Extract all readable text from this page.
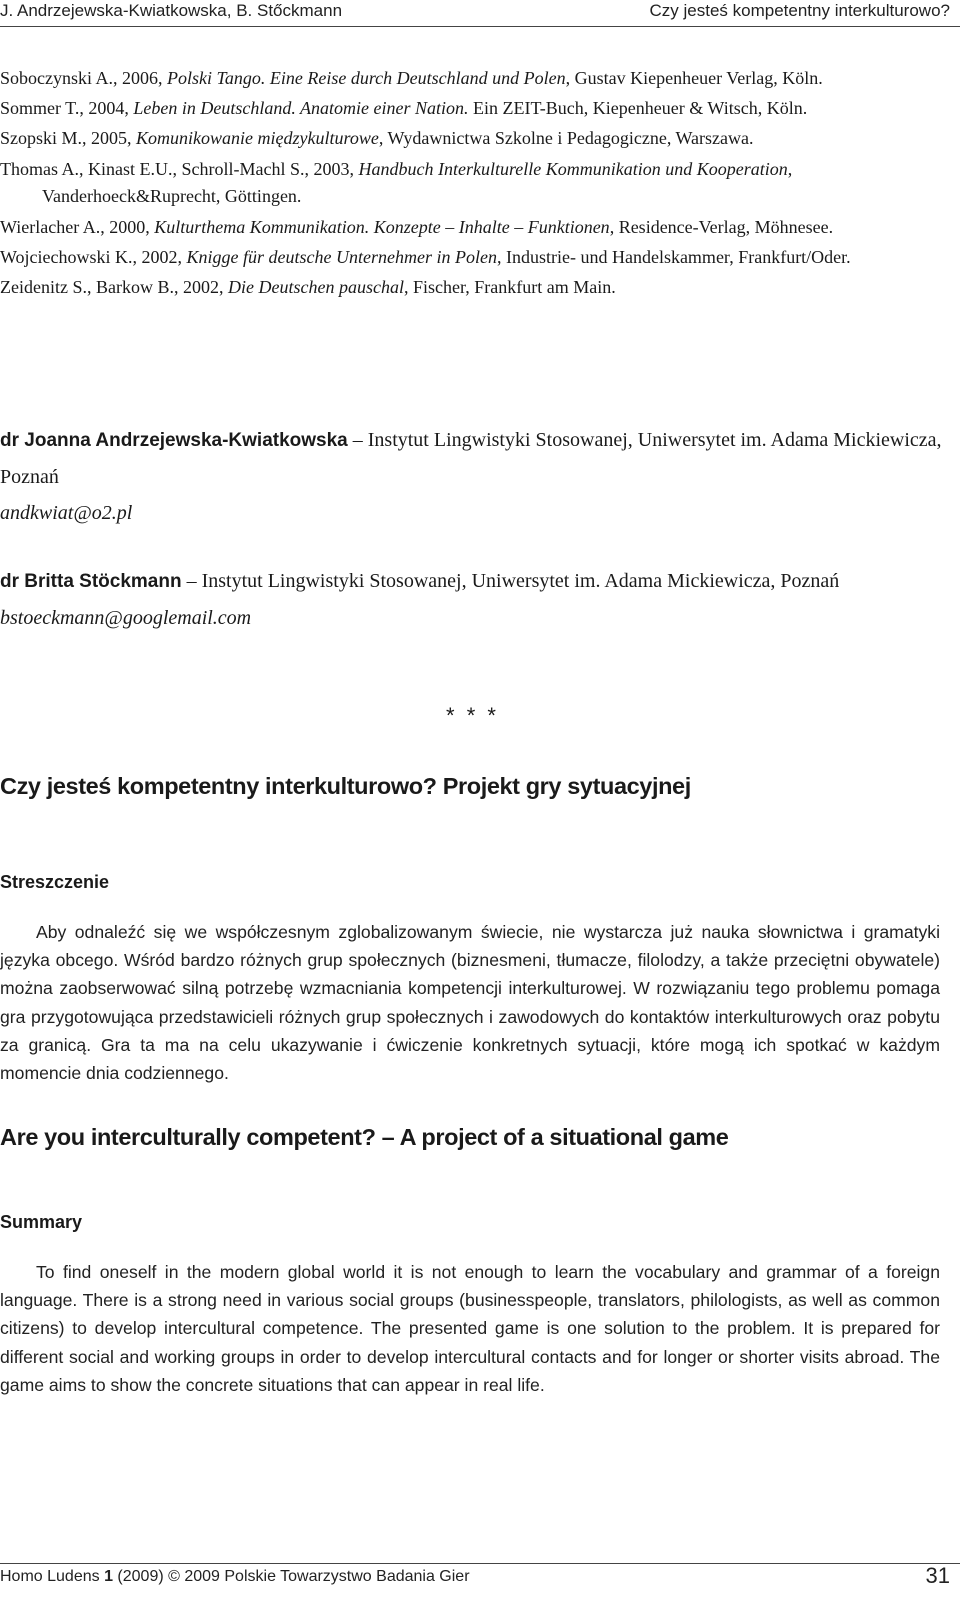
J. Andrzejewska-Kwiatkowska, B. Stőckmann	Czy jesteś kompetentny interkulturowo?

Soboczynski A., 2006, Polski Tango. Eine Reise durch Deutschland und Polen, Gustav Kiepenheuer Verlag, Köln.

Sommer T., 2004, Leben in Deutschland. Anatomie einer Nation. Ein ZEIT-Buch, Kiepenheuer & Witsch, Köln.

Szopski M., 2005, Komunikowanie międzykulturowe, Wydawnictwa Szkolne i Pedagogiczne, Warszawa.

Thomas A., Kinast E.U., Schroll-Machl S., 2003, Handbuch Interkulturelle Kommunikation und Kooperation, Vanderhoeck&Ruprecht, Göttingen.

Wierlacher A., 2000, Kulturthema Kommunikation. Konzepte – Inhalte – Funktionen, Residence-Verlag, Möhnesee.

Wojciechowski K., 2002, Knigge für deutsche Unternehmer in Polen, Industrie- und Handelskammer, Frankfurt/Oder.

Zeidenitz S., Barkow B., 2002, Die Deutschen pauschal, Fischer, Frankfurt am Main.

dr Joanna Andrzejewska-Kwiatkowska – Instytut Lingwistyki Stosowanej, Uniwersytet im. Adama Mickiewicza, Poznań
andkwiat@o2.pl
dr Britta Stöckmann – Instytut Lingwistyki Stosowanej, Uniwersytet im. Adama Mickiewicza, Poznań
bstoeckmann@googlemail.com
* * *
Czy jesteś kompetentny interkulturowo? Projekt gry sytuacyjnej
Streszczenie

Aby odnaleźć się we współczesnym zglobalizowanym świecie, nie wystarcza już nauka słownictwa i gramatyki języka obcego. Wśród bardzo różnych grup społecznych (biznesmeni, tłumacze, filolodzy, a także przeciętni obywatele) można zaobserwować silną potrzebę wzmacniania kompetencji interkulturowej. W rozwiązaniu tego problemu pomaga gra przygotowująca przedstawicieli różnych grup społecznych i zawodowych do kontaktów interkulturowych oraz pobytu za granicą. Gra ta ma na celu ukazywanie i ćwiczenie konkretnych sytuacji, które mogą ich spotkać w każdym momencie dnia codziennego.

Are you interculturally competent? – A project of a situational game
Summary

To find oneself in the modern global world it is not enough to learn the vocabulary and grammar of a foreign language. There is a strong need in various social groups (businesspeople, translators, philologists, as well as common citizens) to develop intercultural competence. The presented game is one solution to the problem. It is prepared for different social and working groups in order to develop intercultural contacts and for longer or shorter visits abroad. The game aims to show the concrete situations that can appear in real life.

Homo Ludens 1 (2009) © 2009 Polskie Towarzystwo Badania Gier	31
